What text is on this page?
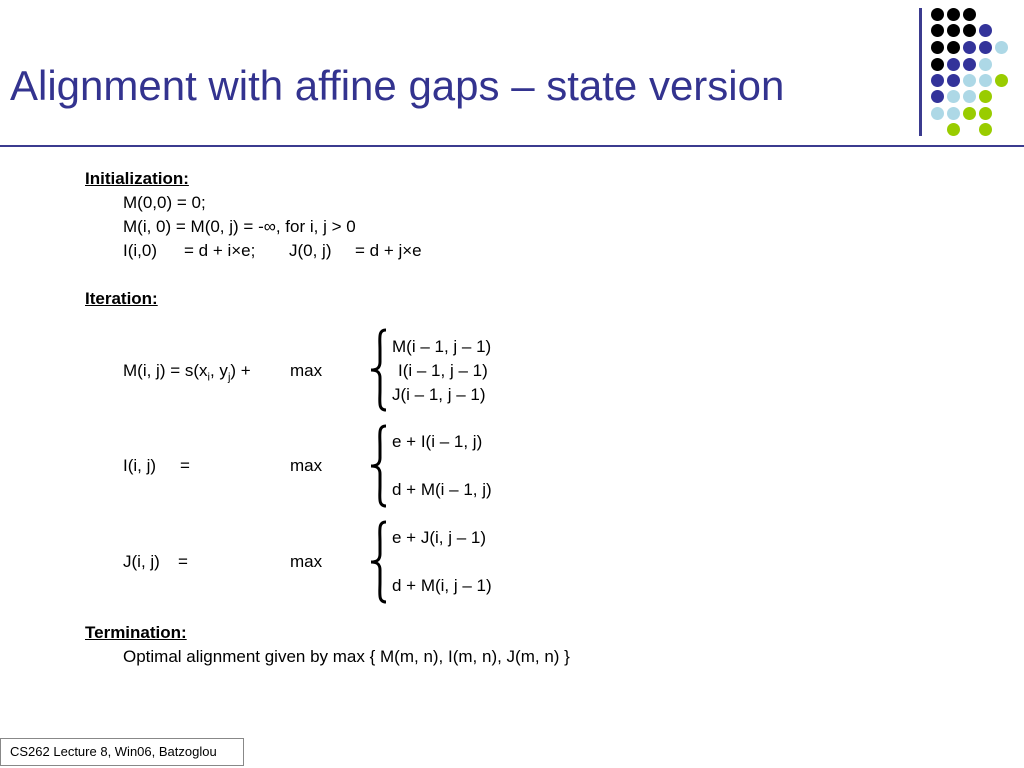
Alignment with affine gaps – state version
Initialization:
M(0,0) = 0;
M(i, 0) = M(0, j) = -∞, for i, j > 0
I(i,0) = d + i×e; J(0, j) = d + j×e
Iteration:
M(i, $j) = s(x_i$, $y_j) + \max$
M(i – 1, j – 1)
I(i – 1, j – 1)
J(i – 1, j – 1)
I(i, j) =	max
e + I(i – 1, j)
d + M(i – 1, j)
J(i, j) =	max
e + J(i, j – 1)
d + M(i, j – 1)
Termination:
Optimal alignment given by max { M(m, n), I(m, n), J(m, n) }
CS262 Lecture 8, Win06, Batzoglou
